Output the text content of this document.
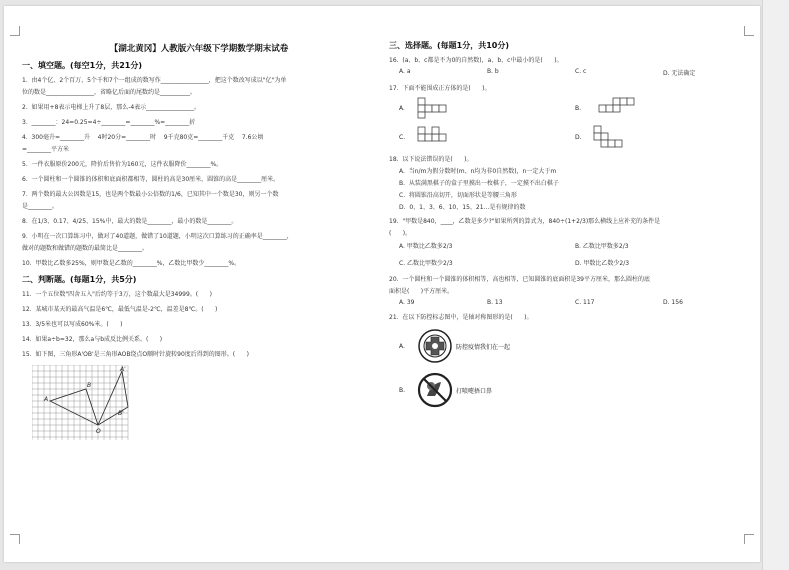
【湖北黄冈】人教版六年级下学期数学期末试卷
一、填空题。(每空1分，共21分)
1.  由4个亿、2个百万、5个千和7个一组成的数写作________________，把这个数改写成以"亿"为单
位的数是________________，省略亿后面的尾数约是__________。
2.  如果用+8表示电梯上升了8层，那么-4表示________________。
3.  ________：24=0.25=4÷________=________%=________折
4.  300毫升=________升    4时20分=________时    9千克80克=________千克    7.6公顷
=________平方米
5.  一件衣服原价200元，降价后售价为160元，这件衣服降价________%。
6.  一个圆柱和一个圆锥的体积和底面积都相等，圆柱的高是30厘米，圆锥的高是________厘米。
7.  两个数的最大公因数是15，也是两个数最小公倍数的1/6，已知其中一个数是30，则另一个数
是________。
8.  在1/3、0.17、4/25、15%中，最大的数是________，最小的数是________。
9.  小明在一次口算练习中，做对了40道题，做错了10道题，小明这次口算练习的正确率是________，
做对的题数和做错的题数的最简比是________。
10.  甲数比乙数多25%，则甲数是乙数的________%，乙数比甲数少________%。
二、判断题。(每题1分，共5分)
11.  一个五位数"四舍五入"后约等于3万，这个数最大是34999。(      )
12.  某城市某天的最高气温是6℃，最低气温是-2℃，温差是8℃。(      )
13.  3/5米也可以写成60%米。(      )
14.  如果a÷b=32，那么a与b成反比例关系。(      )
15.  如下图，三角形A'OB'是三角形AOB绕点O顺时针旋转90度后得到的图形。(      )
O
A
B
A'
B'
三、选择题。(每题1分，共10分)
16.  (a、b、c都是不为0的自然数)，a、b、c中最小的是(      )。
A. a	B. b	C. c	D. 无法确定
17.  下面不能围成正方体的是(      )。
A.	B.
C.	D.
18.  以下说法错误的是(      )。
A.  当n/m为假分数时(m、n均为非0自然数)，n一定大于m
B.  从装满黑棋子的盒子里摸出一枚棋子，一定摸不出白棋子
C.  将圆锥沿高切开，切面形状是等腰三角形
D.  0、1、3、6、10、15、21…是有规律的数
19.  "甲数是840，____，乙数是多少?"如果所列的算式为，840÷(1+2/3)那么横线上应补充的条件是
(      )。
A. 甲数比乙数多2/3	B. 乙数比甲数多2/3
C. 乙数比甲数少2/3	D. 甲数比乙数少2/3
20.  一个圆柱和一个圆锥的体积相等，高也相等，已知圆锥的底面积是39平方厘米，那么圆柱的底
面积是(      )平方厘米。
A. 39	B. 13	C. 117	D. 156
21.  在以下防控标志图中，是轴对称图形的是(      )。
A.	防控疫情我们在一起
B.	打喷嚏捂口鼻
